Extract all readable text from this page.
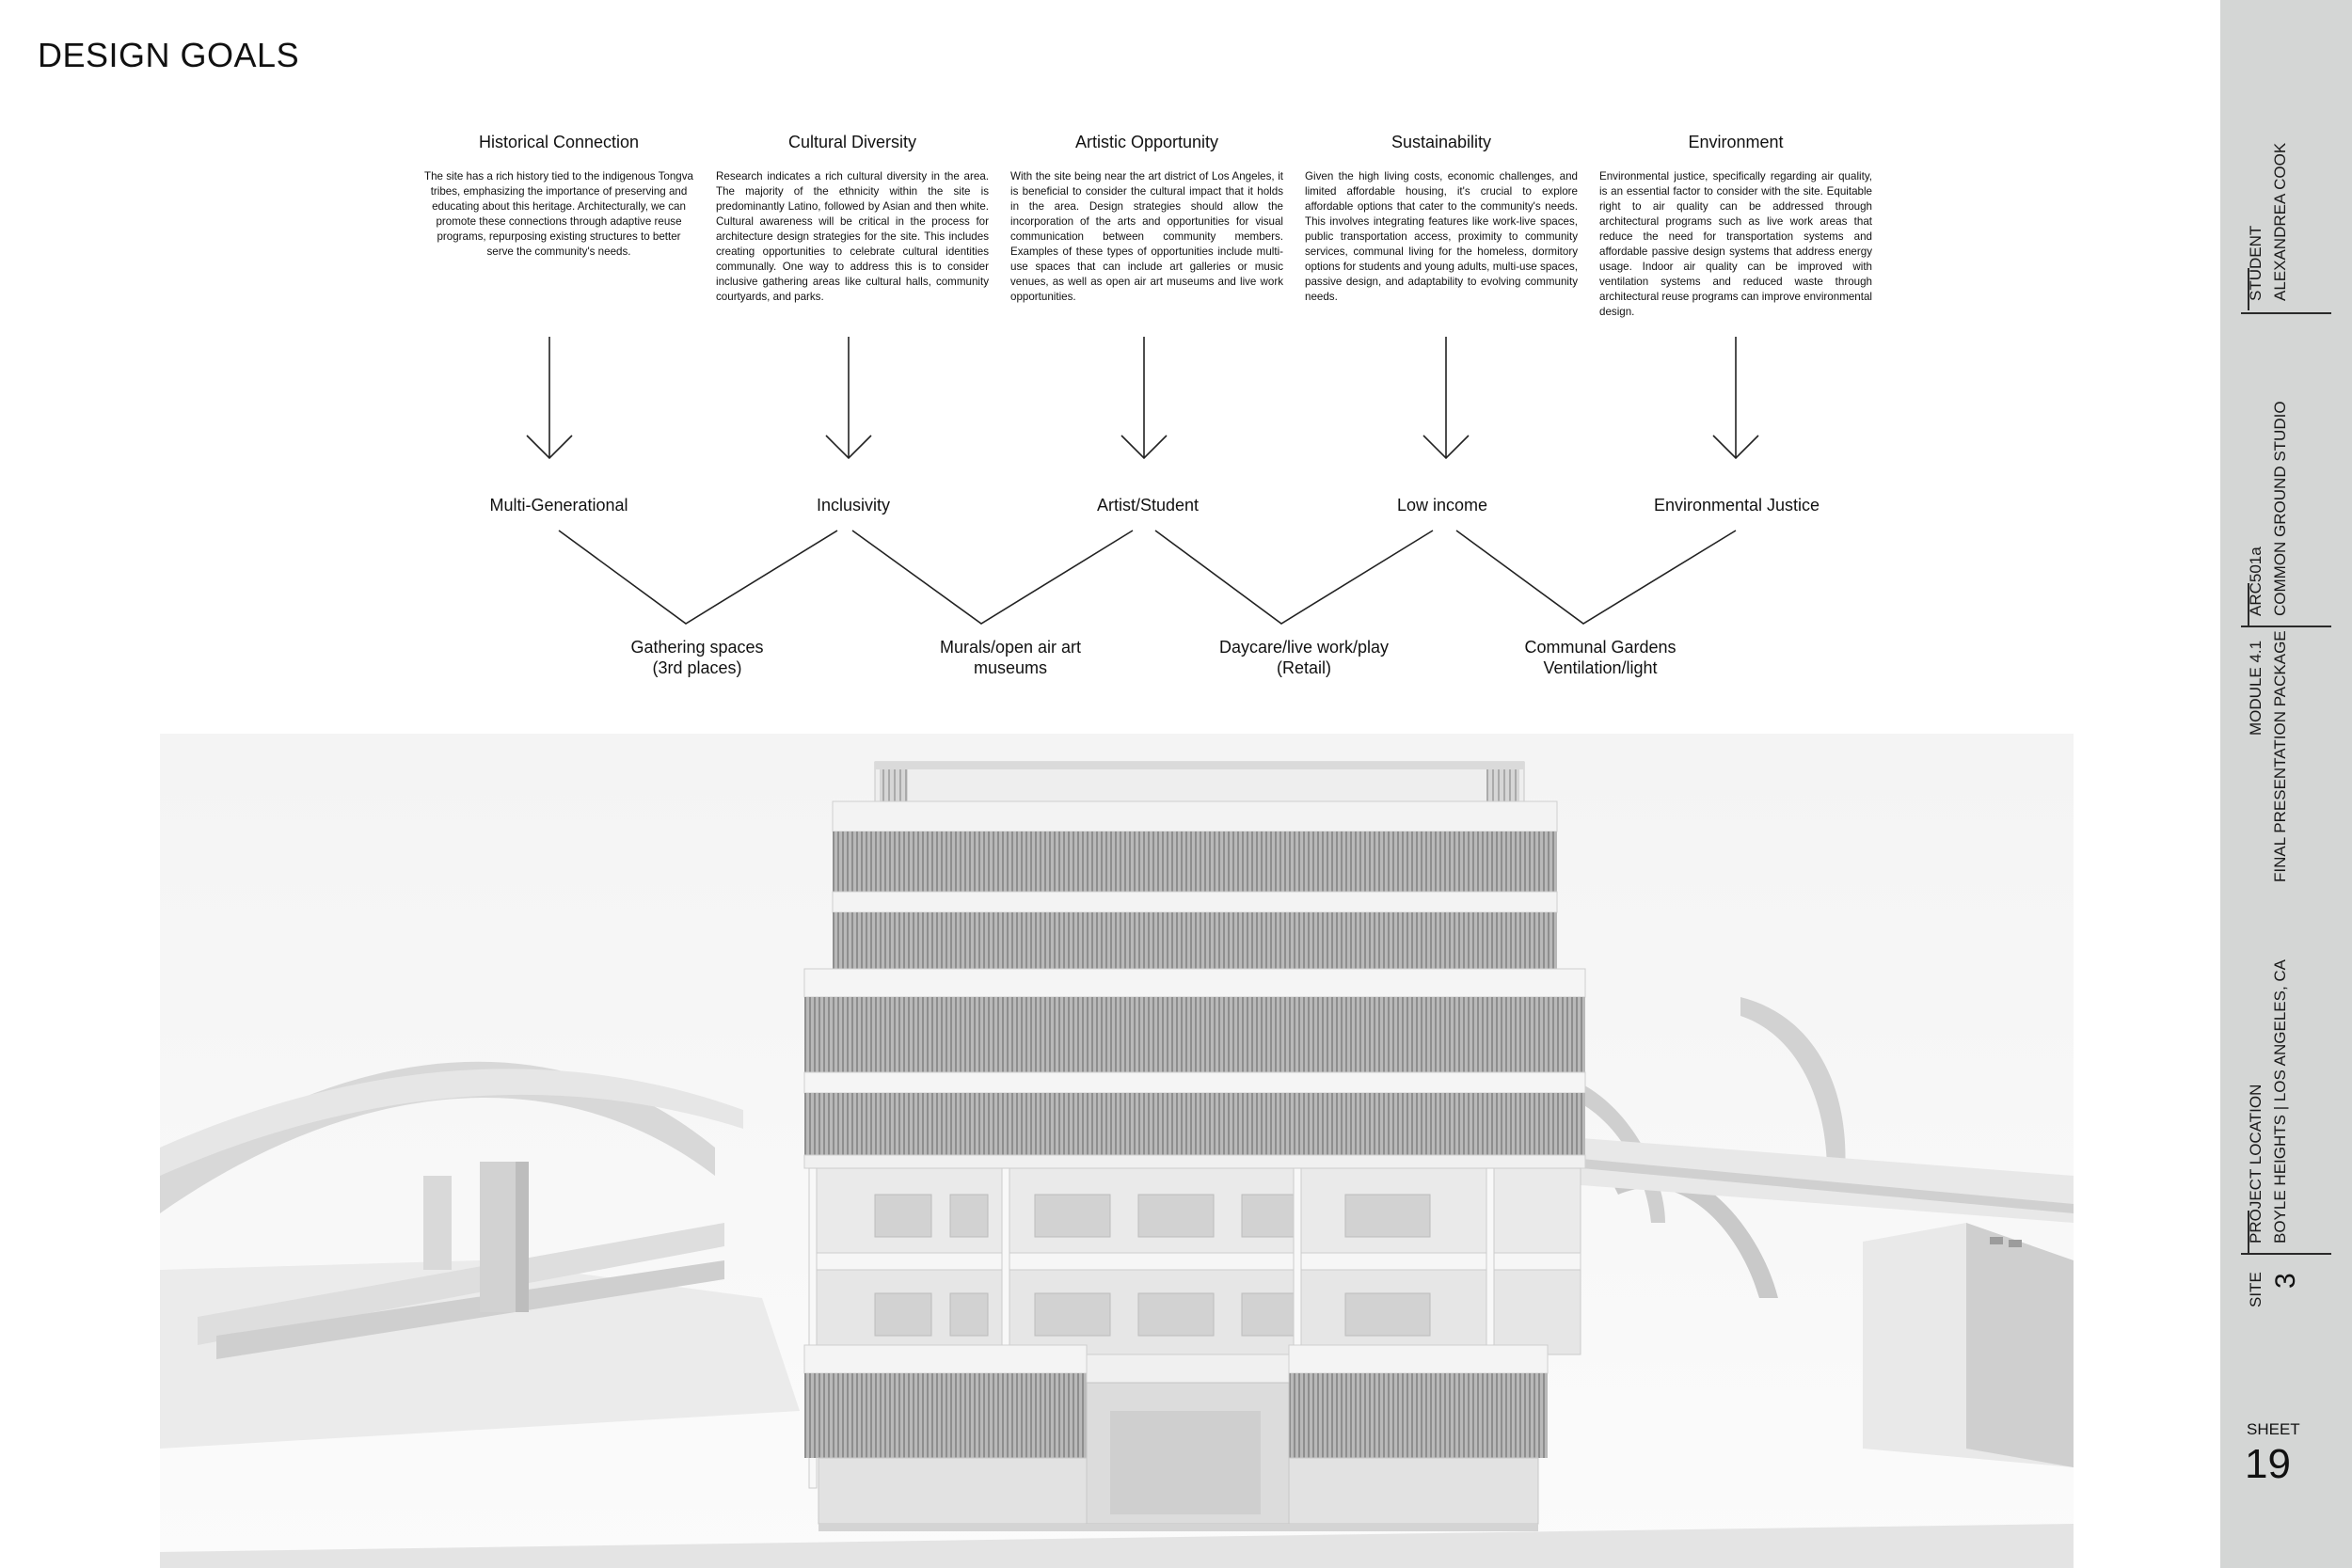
DESIGN GOALS
Historical Connection

The site has a rich history tied to the indigenous Tongva tribes, emphasizing the importance of preserving and educating about this heritage. Architecturally, we can promote these connections through adaptive reuse programs, repurposing existing structures to better serve the community's needs.

Cultural Diversity

Research indicates a rich cultural diversity in the area. The majority of the ethnicity within the site is predominantly Latino, followed by Asian and then white. Cultural awareness will be critical in the process for architecture design strategies for the site. This includes creating opportunities to celebrate cultural identities communally. One way to address this is to consider inclusive gathering areas like cultural halls, community courtyards, and parks.

Artistic Opportunity

With the site being near the art district of Los Angeles, it is beneficial to consider the cultural impact that it holds in the area. Design strategies should allow the incorporation of the arts and opportunities for visual communication between community members. Examples of these types of opportunities include multi-use spaces that can include art galleries or music venues, as well as open air art museums and live work opportunities.

Sustainability

Given the high living costs, economic challenges, and limited affordable housing, it's crucial to explore affordable options that cater to the community's needs. This involves integrating features like work-live spaces, public transportation access, proximity to community services, communal living for the homeless, dormitory options for students and young adults, multi-use spaces, passive design, and adaptability to evolving community needs.

Environment

Environmental justice, specifically regarding air quality, is an essential factor to consider with the site. Equitable right to air quality can be addressed through architectural programs such as live work areas that reduce the need for transportation systems and affordable passive design systems that address energy usage. Indoor air quality can be improved with ventilation systems and reduced waste through architectural reuse programs can improve environmental design.

Multi-Generational	Inclusivity	Artist/Student	Low income	Environmental Justice
Gathering spaces
(3rd places)
Murals/open air art
museums
Daycare/live work/play
(Retail)
Communal Gardens
Ventilation/light
STUDENT ALEXANDREA COOK
ARC501a COMMON GROUND STUDIO
MODULE 4.1 FINAL PRESENTATION PACKAGE
PROJECT LOCATION BOYLE HEIGHTS | LOS ANGELES, CA
SITE 3
SHEET
19
